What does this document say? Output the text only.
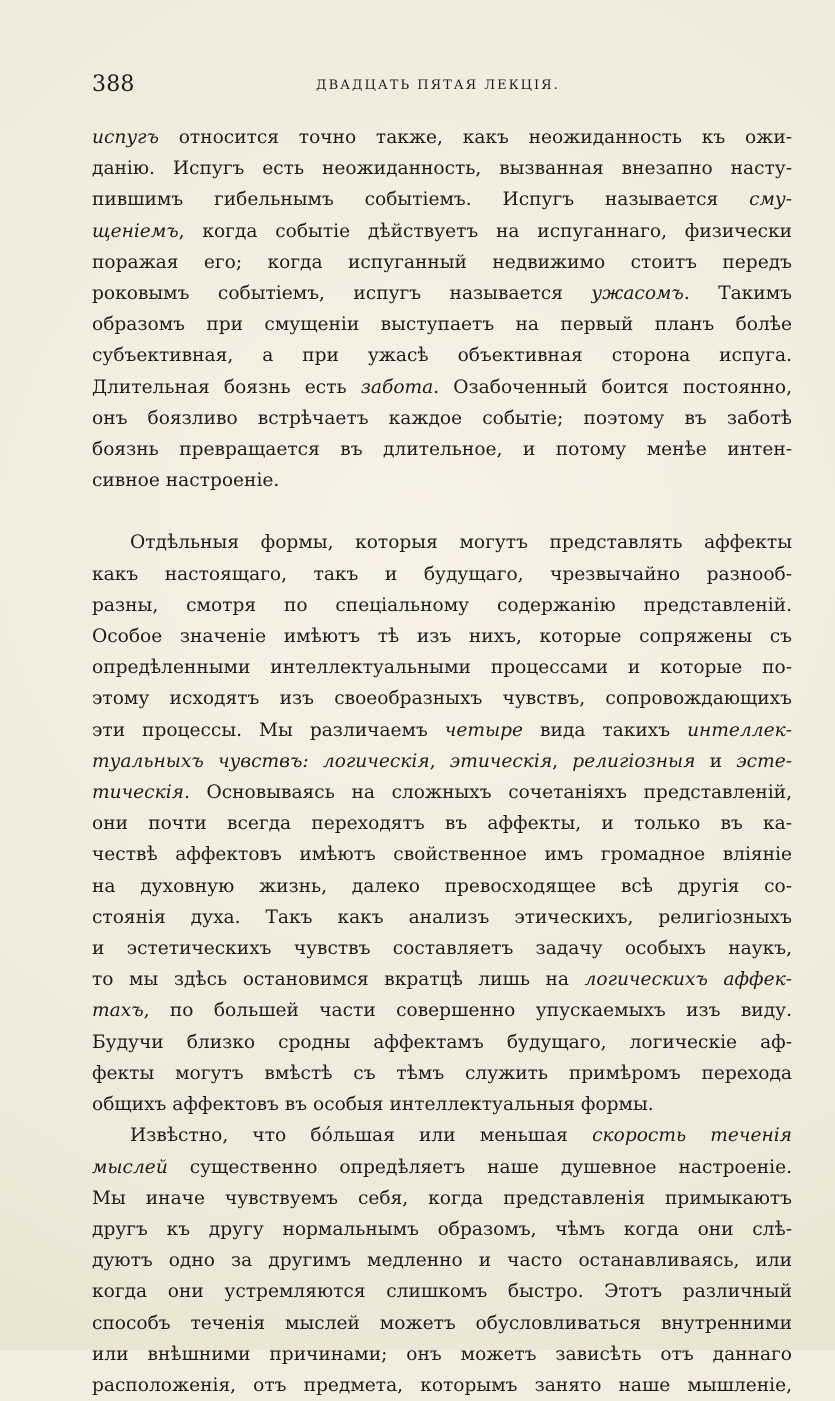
388	ДВАДЦАТЬ ПЯТАЯ ЛЕКЦІЯ.
испугъ относится точно также, какъ неожиданность къ ожи-
данію. Испугъ есть неожиданность, вызванная внезапно насту-
пившимъ гибельнымъ событіемъ. Испугъ называется сму-
щеніемъ, когда событіе дѣйствуетъ на испуганнаго, физически
поражая его; когда испуганный недвижимо стоитъ передъ
роковымъ событіемъ, испугъ называется ужасомъ. Такимъ
образомъ при смущеніи выступаетъ на первый планъ болѣе
субъективная, а при ужасѣ объективная сторона испуга.
Длительная боязнь есть забота. Озабоченный боится постоянно,
онъ боязливо встрѣчаетъ каждое событіе; поэтому въ заботѣ
боязнь превращается въ длительное, и потому менѣе интен-
сивное настроеніе.
Отдѣльныя формы, которыя могутъ представлять аффекты
какъ настоящаго, такъ и будущаго, чрезвычайно разнооб-
разны, смотря по спеціальному содержанію представленій.
Особое значеніе имѣютъ тѣ изъ нихъ, которые сопряжены съ
опредѣленными интеллектуальными процессами и которые по-
этому исходятъ изъ своеобразныхъ чувствъ, сопровождающихъ
эти процессы. Мы различаемъ четыре вида такихъ интеллек-
туальныхъ чувствъ: логическія, этическія, религіозныя и эсте-
тическія. Основываясь на сложныхъ сочетаніяхъ представленій,
они почти всегда переходятъ въ аффекты, и только въ ка-
чествѣ аффектовъ имѣютъ свойственное имъ громадное вліяніе
на духовную жизнь, далеко превосходящее всѣ другія со-
стоянія духа. Такъ какъ анализъ этическихъ, религіозныхъ
и эстетическихъ чувствъ составляетъ задачу особыхъ наукъ,
то мы здѣсь остановимся вкратцѣ лишь на логическихъ аффек-
тахъ, по большей части совершенно упускаемыхъ изъ виду.
Будучи близко сродны аффектамъ будущаго, логическіе аф-
фекты могутъ вмѣстѣ съ тѣмъ служить примѣромъ перехода
общихъ аффектовъ въ особыя интеллектуальныя формы.
Извѣстно, что бóльшая или меньшая скорость теченія
мыслей существенно опредѣляетъ наше душевное настроеніе.
Мы иначе чувствуемъ себя, когда представленія примыкаютъ
другъ къ другу нормальнымъ образомъ, чѣмъ когда они слѣ-
дуютъ одно за другимъ медленно и часто останавливаясь, или
когда они устремляются слишкомъ быстро. Этотъ различный
способъ теченія мыслей можетъ обусловливаться внутренними
или внѣшними причинами; онъ можетъ зависѣть отъ даннаго
расположенія, отъ предмета, которымъ занято наше мышленіе,
